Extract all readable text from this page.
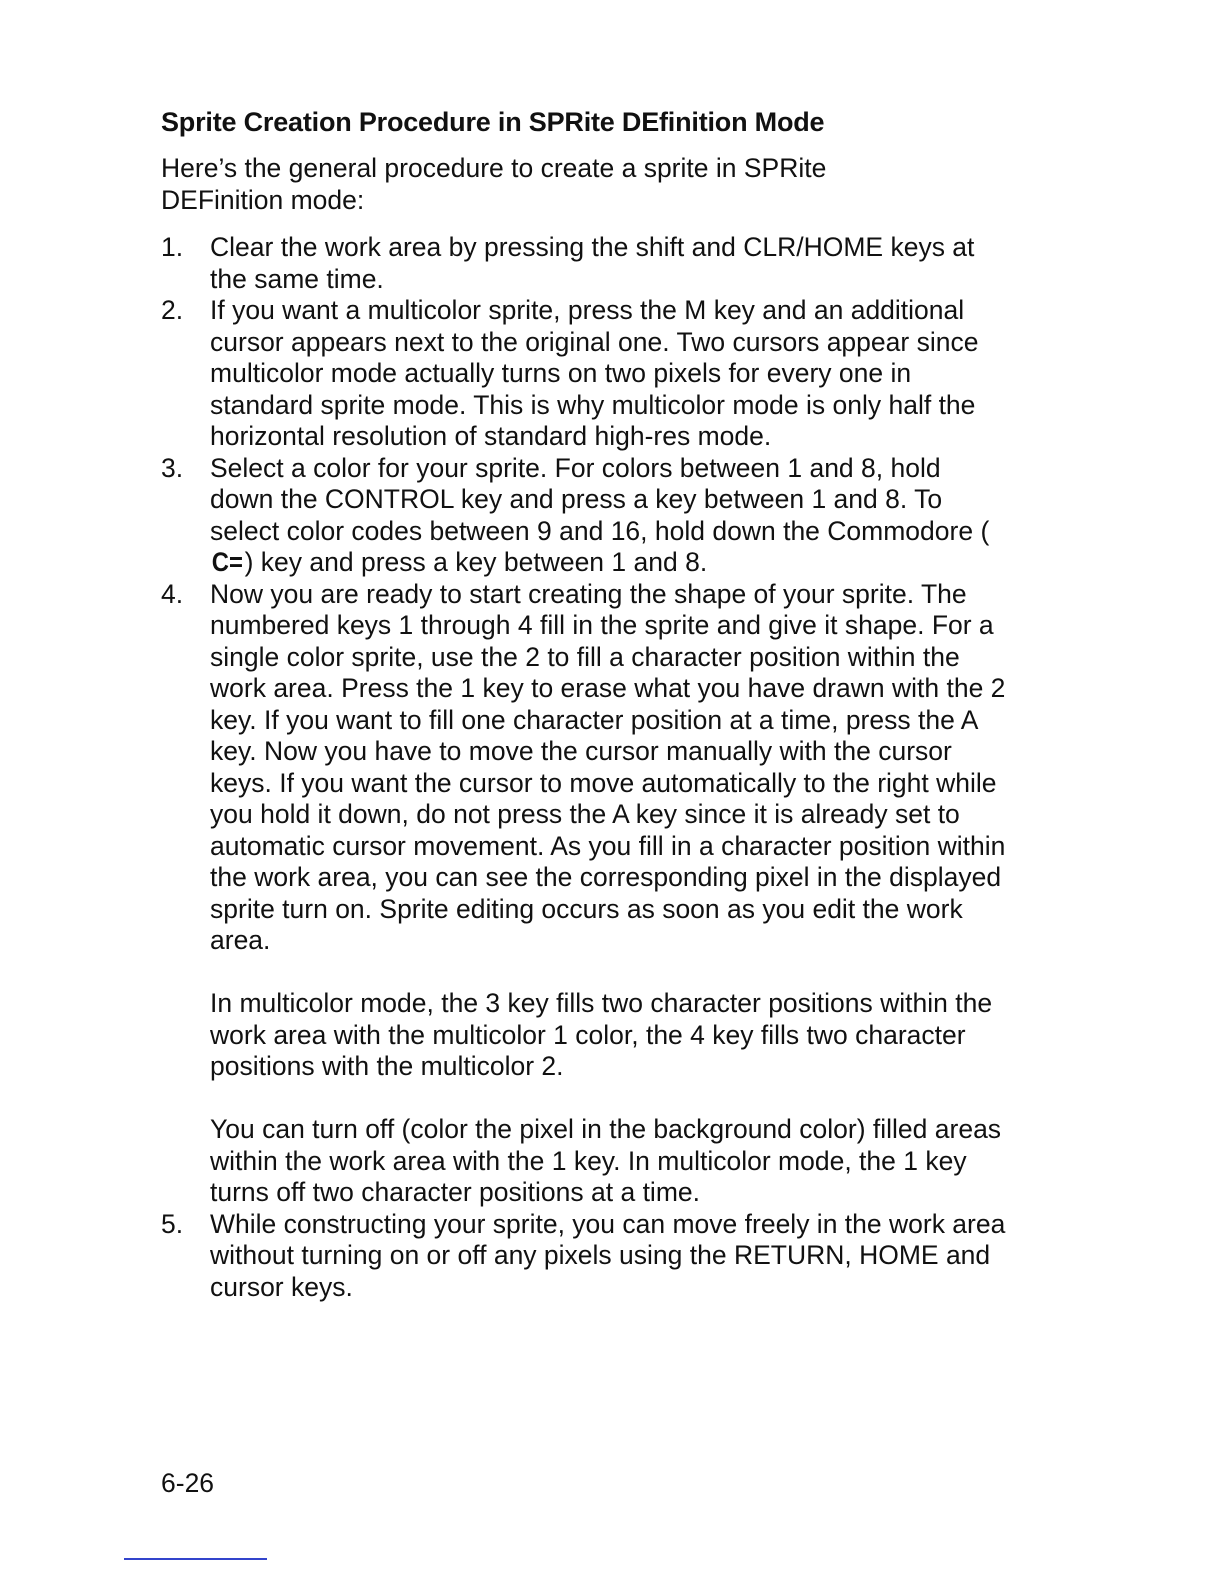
Sprite Creation Procedure in SPRite DEfinition Mode

Here’s the general procedure to create a sprite in SPRite DEFinition mode:

1.	Clear the work area by pressing the shift and CLR/HOME keys at the same time.

2.	If you want a multicolor sprite, press the M key and an additional cursor appears next to the original one. Two cursors appear since multicolor mode actually turns on two pixels for every one in standard sprite mode. This is why multicolor mode is only half the horizontal resolution of standard high-res mode.

3.	Select a color for your sprite. For colors between 1 and 8, hold down the CONTROL key and press a key between 1 and 8. To select color codes between 9 and 16, hold down the Commodore (C=) key and press a key between 1 and 8.

4.	Now you are ready to start creating the shape of your sprite. The numbered keys 1 through 4 fill in the sprite and give it shape. For a single color sprite, use the 2 to fill a character position within the work area. Press the 1 key to erase what you have drawn with the 2 key. If you want to fill one character position at a time, press the A key. Now you have to move the cursor manually with the cursor keys. If you want the cursor to move automatically to the right while you hold it down, do not press the A key since it is already set to automatic cursor movement. As you fill in a character position within the work area, you can see the corresponding pixel in the displayed sprite turn on. Sprite editing occurs as soon as you edit the work area.

In multicolor mode, the 3 key fills two character positions within the work area with the multicolor 1 color, the 4 key fills two character positions with the multicolor 2.

You can turn off (color the pixel in the background color) filled areas within the work area with the 1 key. In multicolor mode, the 1 key turns off two character positions at a time.

5.	While constructing your sprite, you can move freely in the work area without turning on or off any pixels using the RETURN, HOME and cursor keys.

6-26
